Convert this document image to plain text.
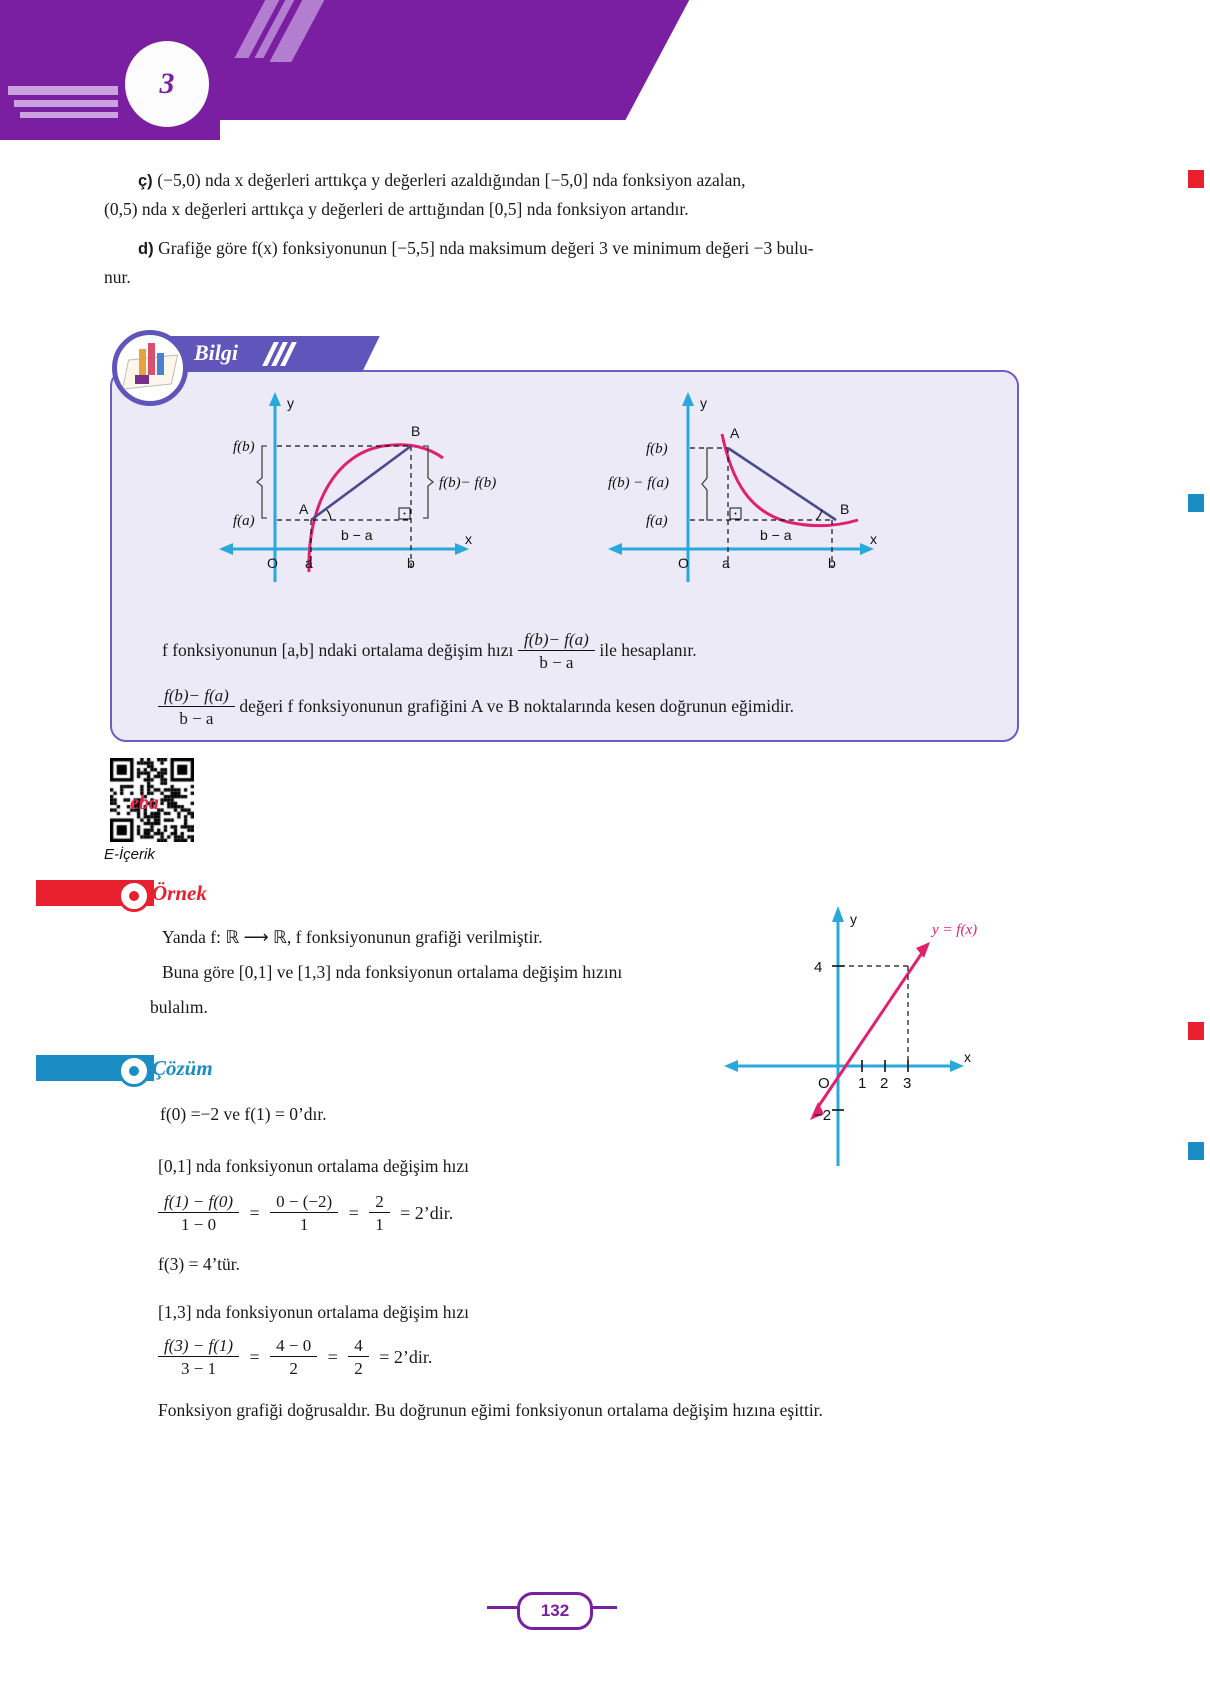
3 Fonksiyonlarda Uygulamalar
ç) (−5,0) nda x değerleri arttıkça y değerleri azaldığından [−5,0] nda fonksiyon azalan,
(0,5) nda x değerleri arttıkça y değerleri de arttığından [0,5] nda fonksiyon artandır.
d) Grafiğe göre f(x) fonksiyonunun [−5,5] nda maksimum değeri 3 ve minimum değeri −3 bulu-
nur.
Bilgi
y
x
f(b)
f(a)
A
B
f(b)− f(b)
b − a
O a	b
y
x
f(b)
f(a)
f(b) − f(a)
A
B
b − a
O a	b
f fonksiyonunun [a,b] ndaki ortalama değişim hızı $\frac{f(b)- f(a)}{b - a}$ ile hesaplanır.
$\frac{f(b)- f(a)}{b - a}$ değeri f fonksiyonunun grafiğini A ve B noktalarında kesen doğrunun eğimidir.
eba
E-İçerik
Örnek
Yanda f: ℝ ⟶ ℝ, f fonksiyonunun grafiği verilmiştir.
Buna göre [0,1] ve [1,3] nda fonksiyonun ortalama değişim hızını
bulalım.
y
x
4
−2
O 1 2 3
y = f(x)
Çözüm
f(0) =−2 ve f(1) = 0’dır.
[0,1] nda fonksiyonun ortalama değişim hızı
$\frac{f(1) - f(0)}{1 - 0} = \frac{0 - (-2)}{1} = \frac{2}{1}$ = 2’dir.
f(3) = 4’tür.
[1,3] nda fonksiyonun ortalama değişim hızı
$\frac{f(3) - f(1)}{3 - 1} = \frac{4 - 0}{2} = \frac{4}{2}$ = 2’dir.
Fonksiyon grafiği doğrusaldır. Bu doğrunun eğimi fonksiyonun ortalama değişim hızına eşittir.
132
